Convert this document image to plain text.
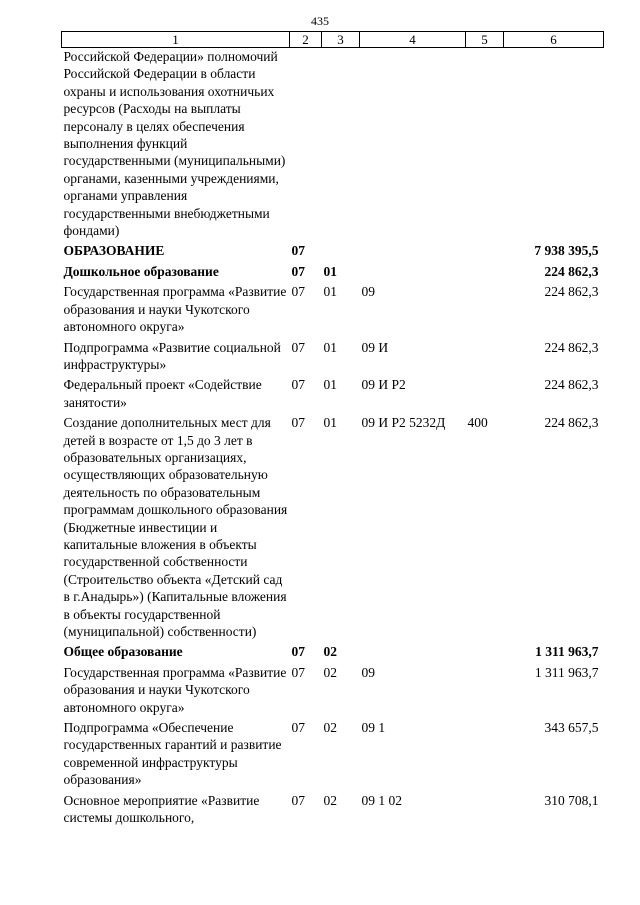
435
1	2	3	4	5	6
Российской Федерации» полномочий Российской Федерации в области охраны и использования охотничьих ресурсов (Расходы на выплаты персоналу в целях обеспечения выполнения функций государственными (муниципальными) органами, казенными учреждениями, органами управления государственными внебюджетными фондами)					
ОБРАЗОВАНИЕ	07				7 938 395,5
Дошкольное образование	07	01			224 862,3
Государственная программа «Развитие образования и науки Чукотского автономного округа»	07	01	09		224 862,3
Подпрограмма «Развитие социальной инфраструктуры»	07	01	09 И		224 862,3
Федеральный проект «Содействие занятости»	07	01	09 И Р2		224 862,3
Создание дополнительных мест для детей в возрасте от 1,5 до 3 лет в образовательных организациях, осуществляющих образовательную деятельность по образовательным программам дошкольного образования (Бюджетные инвестиции и капитальные вложения в объекты государственной собственности (Строительство объекта «Детский сад в г.Анадырь») (Капитальные вложения в объекты государственной (муниципальной) собственности)	07	01	09 И Р2 5232Д	400	224 862,3
Общее образование	07	02			1 311 963,7
Государственная программа «Развитие образования и науки Чукотского автономного округа»	07	02	09		1 311 963,7
Подпрограмма «Обеспечение государственных гарантий и развитие современной инфраструктуры образования»	07	02	09 1		343 657,5
Основное мероприятие «Развитие системы дошкольного,	07	02	09 1 02		310 708,1
